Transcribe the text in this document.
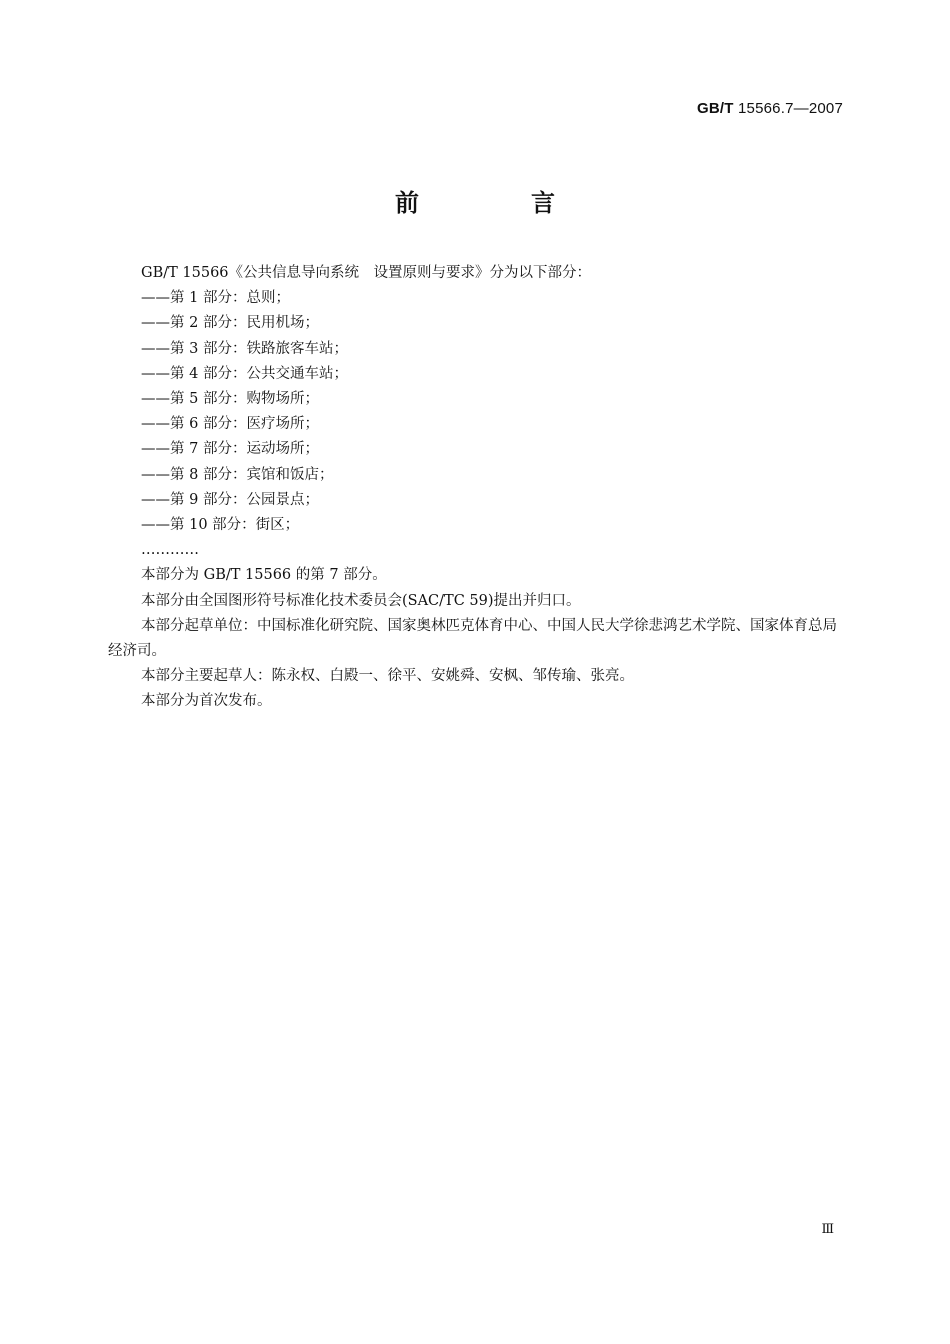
GB/T 15566.7—2007
前　言

GB/T 15566《公共信息导向系统　设置原则与要求》分为以下部分：

——第 1 部分：总则；

——第 2 部分：民用机场；

——第 3 部分：铁路旅客车站；

——第 4 部分：公共交通车站；

——第 5 部分：购物场所；

——第 6 部分：医疗场所；

——第 7 部分：运动场所；

——第 8 部分：宾馆和饭店；

——第 9 部分：公园景点；

——第 10 部分：街区；

…………

本部分为 GB/T 15566 的第 7 部分。

本部分由全国图形符号标准化技术委员会(SAC/TC 59)提出并归口。

本部分起草单位：中国标准化研究院、国家奥林匹克体育中心、中国人民大学徐悲鸿艺术学院、国家体育总局经济司。

本部分主要起草人：陈永权、白殿一、徐平、安姚舜、安枫、邹传瑜、张亮。

本部分为首次发布。

Ⅲ
